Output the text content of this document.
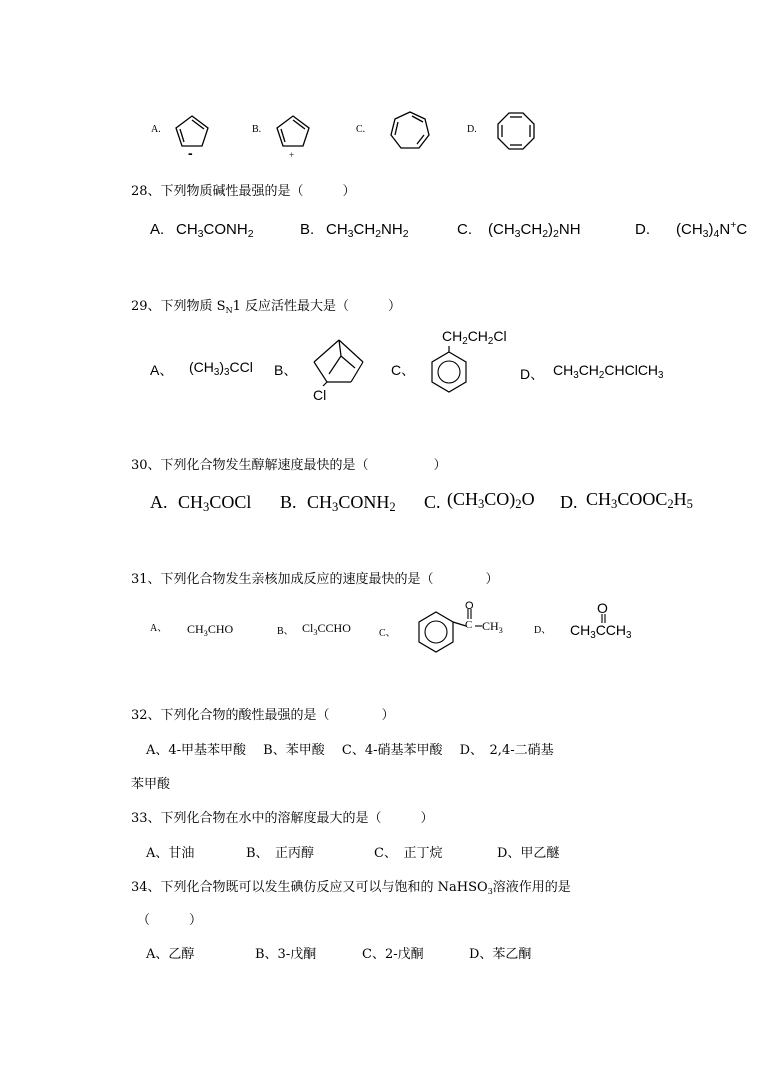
A.
-
B.
+
C.	D.
28、下列物质碱性最强的是（　　　）
A. $CH_3CONH_2$	B. $CH_3CH_2NH_2$	C. $(CH_3CH_2)_2NH$	D. $(CH_3)_4N^+C$
29、下列物质 $S_N1$ 反应活性最大是（　　　）
A、 $(CH_3)_3CCl$ B、
Cl
C、
$CH_2CH_2Cl$
D、 $CH_3CH_2CHClCH_3$
30、下列化合物发生醇解速度最快的是（　　　　　）
A. $CH_3COCl$ B. $CH_3CONH_2$ C. $(CH_3CO)_2O$ D. $CH_3COOC_2H_5$
31、下列化合物发生亲核加成反应的速度最快的是（　　　　）
A、 $CH_3CHO$	B、 $Cl_3CCHO$	C、
O
C $CH_3$	D、
O
$CH_3CCH_3$
32、下列化合物的酸性最强的是（　　　　）
A、4-甲基苯甲酸　 B、苯甲酸　 C、4-硝基苯甲酸　 D、　2,4-二硝基
苯甲酸
33、下列化合物在水中的溶解度最大的是（　　　）
A、甘油	B、　正丙醇	C、　正丁烷	D、甲乙醚
34、下列化合物既可以发生碘仿反应又可以与饱和的 NaHSO$_3$溶液作用的是
（　　　）
A、乙醇	B、3-戊酮	C、2-戊酮	D、苯乙酮
